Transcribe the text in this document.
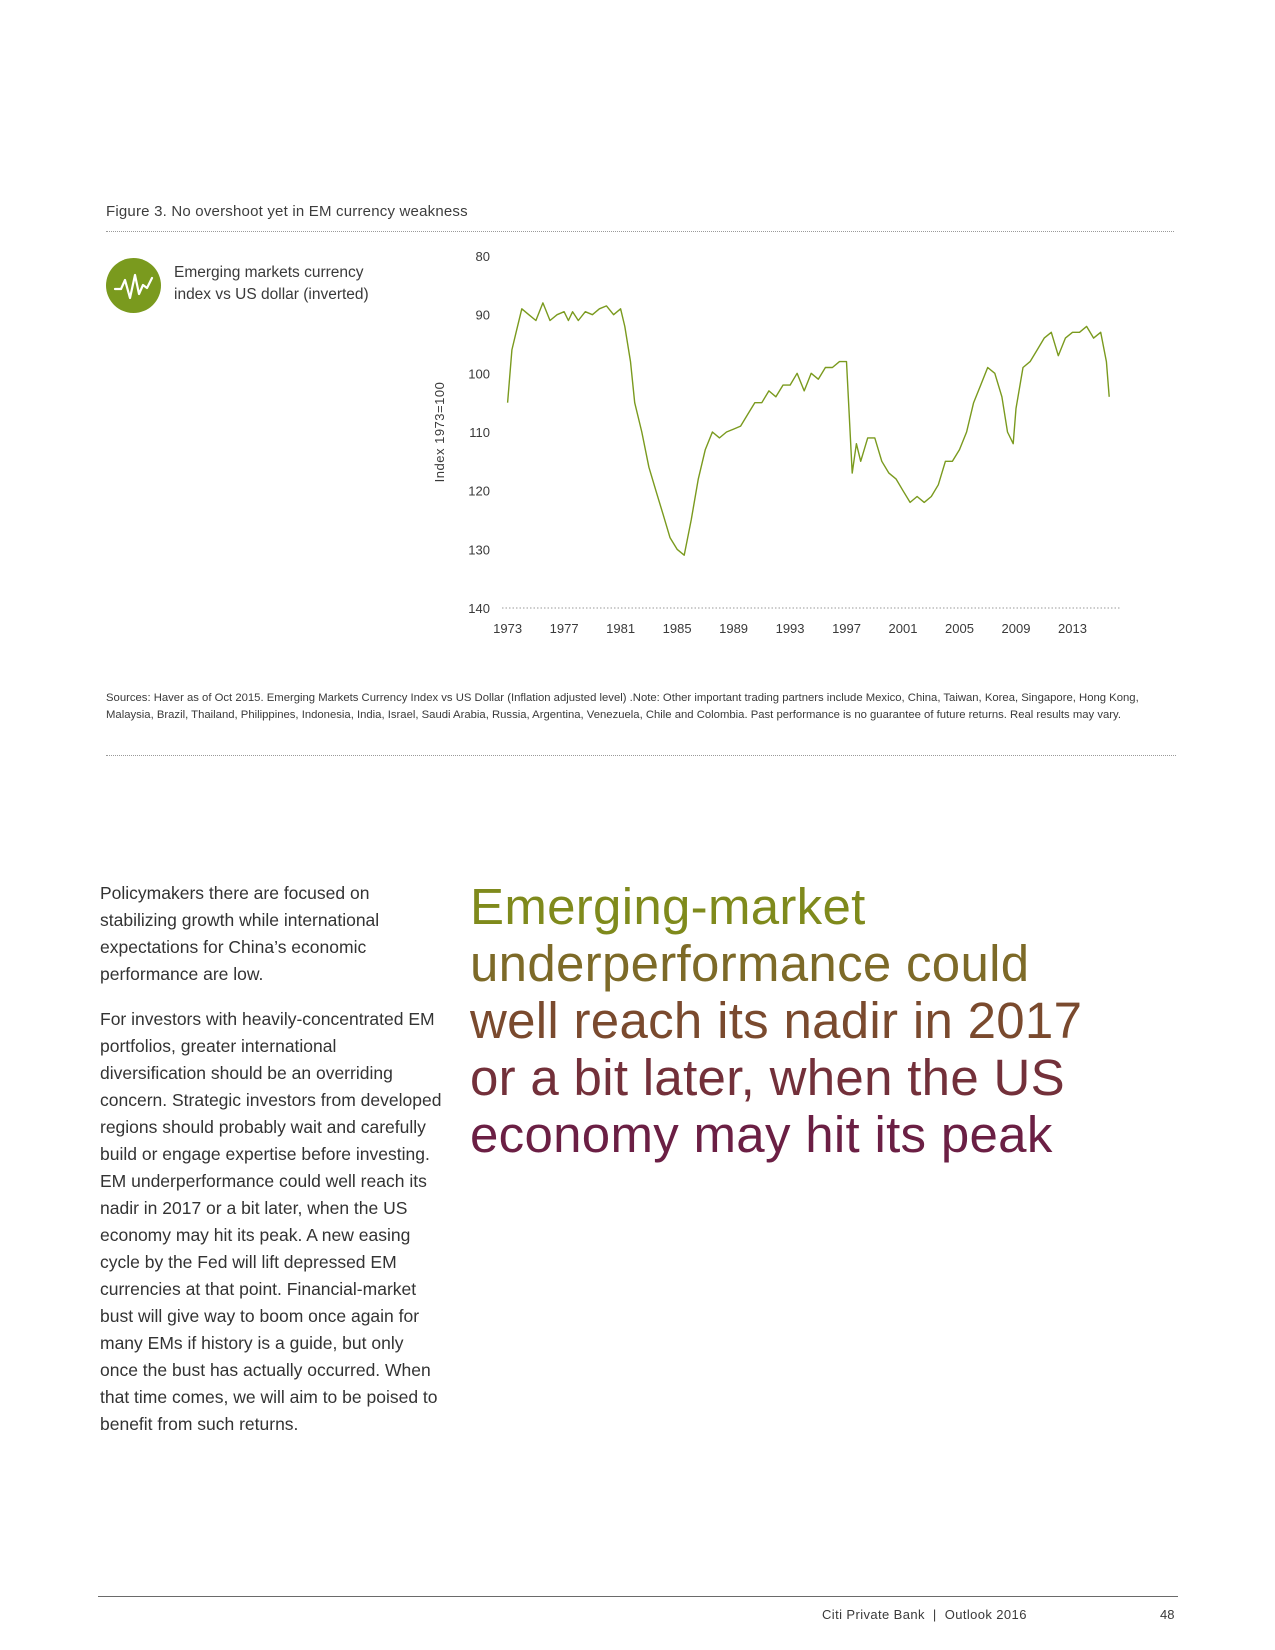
Figure 3. No overshoot yet in EM currency weakness
Emerging markets currency
index vs US dollar (inverted)
80
90
100
110
120
130
140
1973 1977 1981 1985 1989 1993 1997 2001 2005 2009 2013
Index 1973=100
Sources: Haver as of Oct 2015. Emerging Markets Currency Index vs US Dollar (Inflation adjusted level) .Note: Other important trading partners include Mexico, China, Taiwan, Korea, Singapore, Hong Kong, Malaysia, Brazil, Thailand, Philippines, Indonesia, India, Israel, Saudi Arabia, Russia, Argentina, Venezuela, Chile and Colombia. Past performance is no guarantee of future returns. Real results may vary.

Policymakers there are focused on stabilizing growth while international expectations for China’s economic performance are low.

For investors with heavily-concentrated EM portfolios, greater international diversification should be an overriding concern. Strategic investors from developed regions should probably wait and carefully build or engage expertise before investing. EM underperformance could well reach its nadir in 2017 or a bit later, when the US economy may hit its peak. A new easing cycle by the Fed will lift depressed EM currencies at that point. Financial-market bust will give way to boom once again for many EMs if history is a guide, but only once the bust has actually occurred. When that time comes, we will aim to be poised to benefit from such returns.

Emerging-market
underperformance could
well reach its nadir in 2017
or a bit later, when the US
economy may hit its peak
Citi Private Bank | Outlook 2016	48
